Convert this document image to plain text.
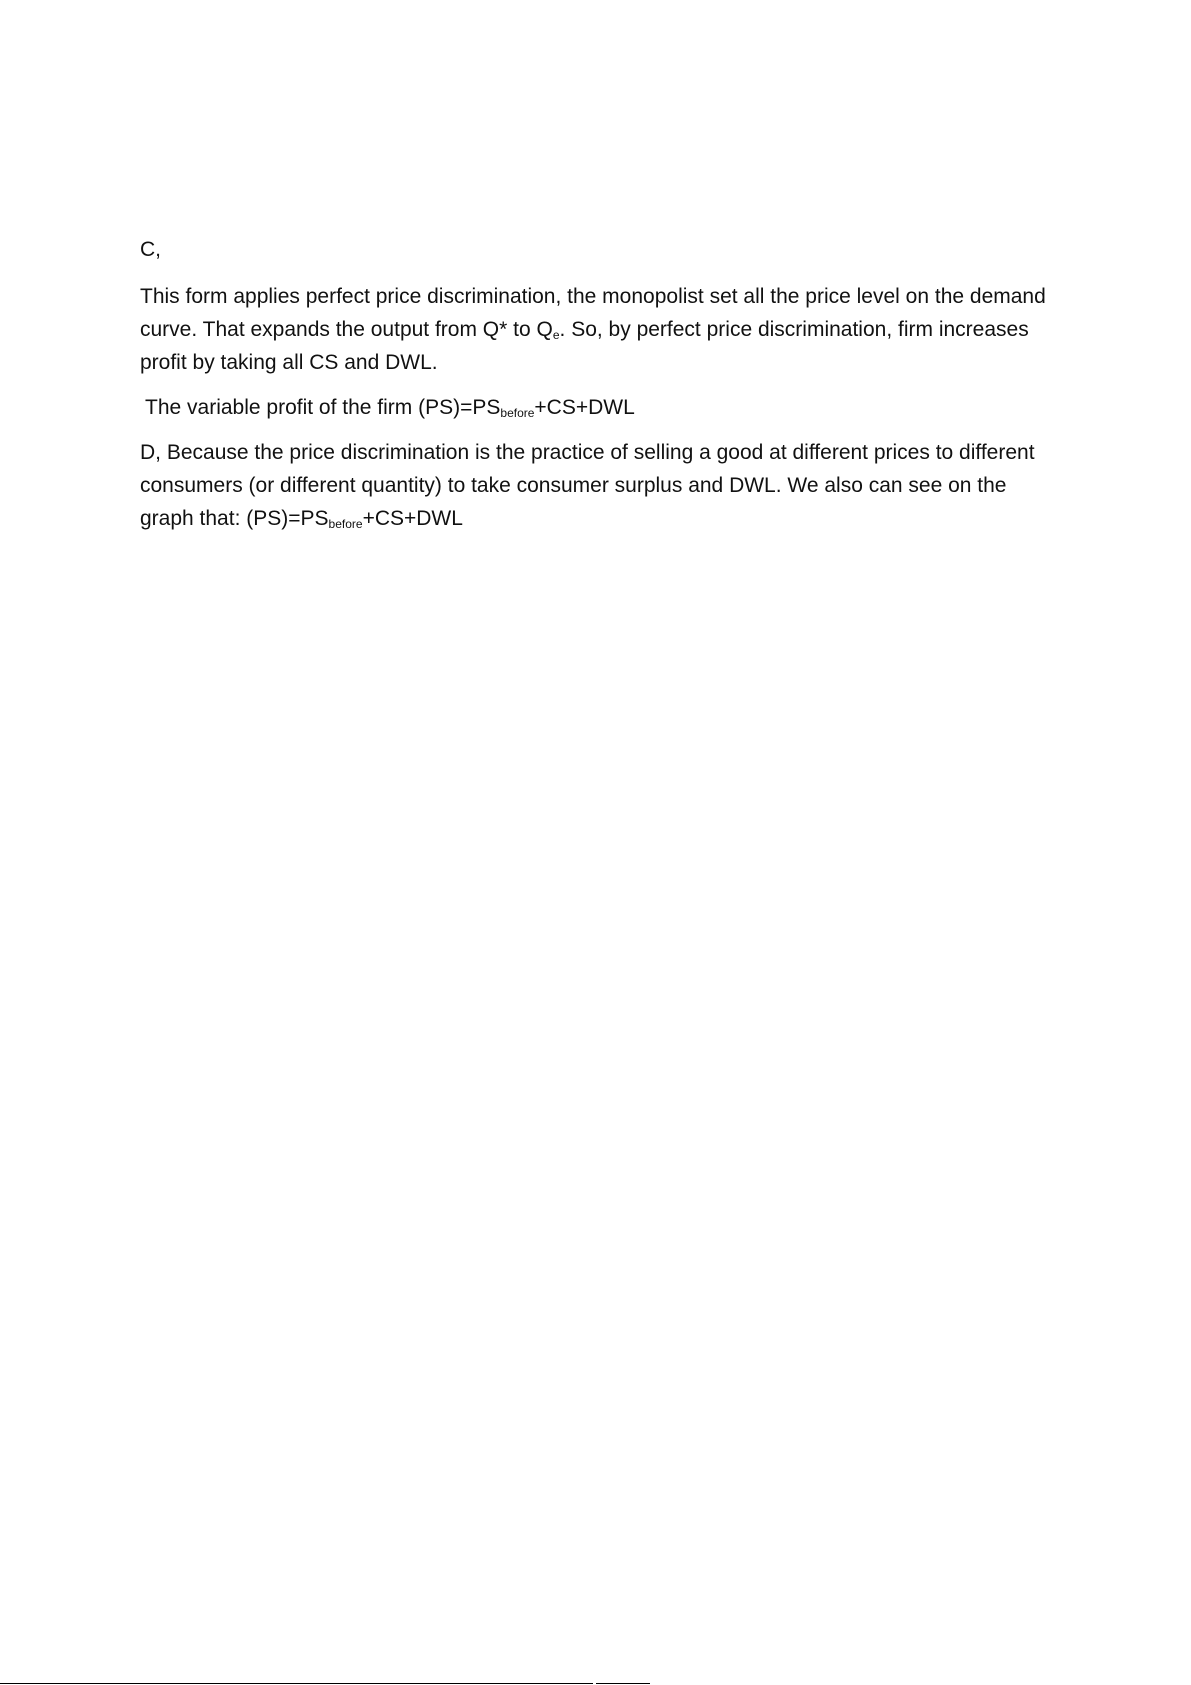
C,

This form applies perfect price discrimination, the monopolist set all the price level on the demand curve. That expands the output from Q* to $Q_e$. So, by perfect price discrimination, firm increases profit by taking all CS and DWL.

The variable profit of the firm $(PS)=PS_{before}+CS+DWL$

D, Because the price discrimination is the practice of selling a good at different prices to different consumers (or different quantity) to take consumer surplus and DWL. We also can see on the graph that: $(PS)=PS_{before}+CS+DWL$
